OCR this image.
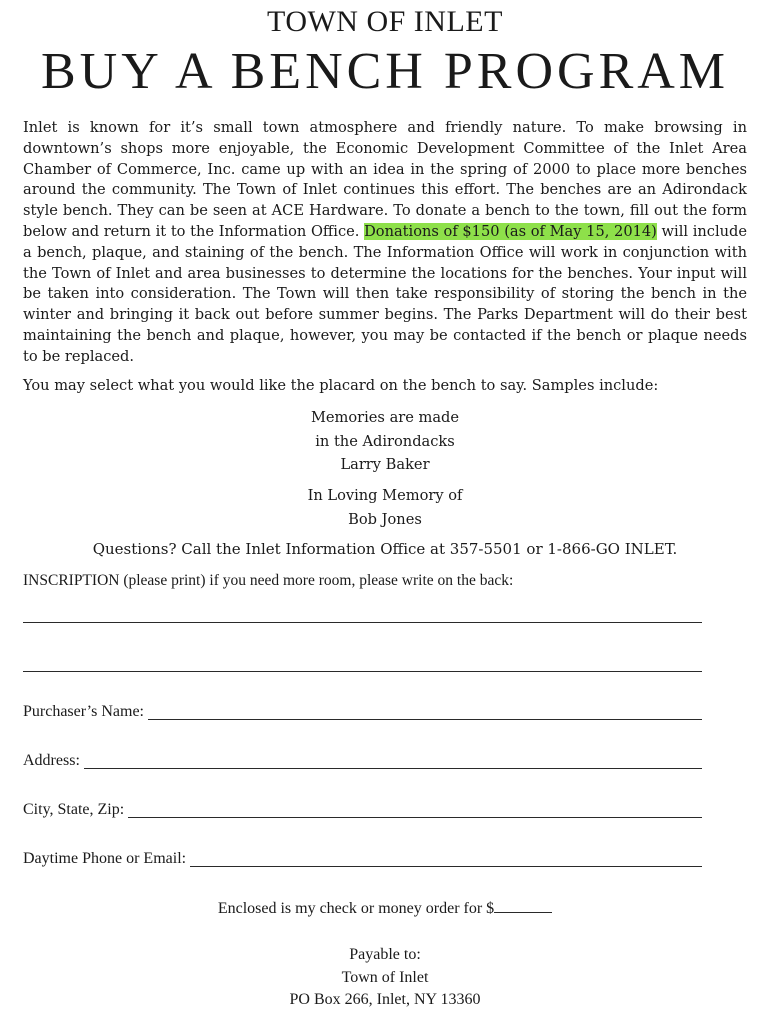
TOWN OF INLET
BUY A BENCH PROGRAM

Inlet is known for it’s small town atmosphere and friendly nature. To make browsing in downtown’s shops more enjoyable, the Economic Development Committee of the Inlet Area Chamber of Commerce, Inc. came up with an idea in the spring of 2000 to place more benches around the community. The Town of Inlet continues this effort. The benches are an Adirondack style bench. They can be seen at ACE Hardware. To donate a bench to the town, fill out the form below and return it to the Information Office. Donations of $150 (as of May 15, 2014) will include a bench, plaque, and staining of the bench. The Information Office will work in conjunction with the Town of Inlet and area businesses to determine the locations for the benches. Your input will be taken into consideration. The Town will then take responsibility of storing the bench in the winter and bringing it back out before summer begins. The Parks Department will do their best maintaining the bench and plaque, however, you may be contacted if the bench or plaque needs to be replaced.

You may select what you would like the placard on the bench to say. Samples include:
Memories are made
in the Adirondacks
Larry Baker
In Loving Memory of
Bob Jones
Questions? Call the Inlet Information Office at 357-5501 or 1-866-GO INLET.
INSCRIPTION (please print) if you need more room, please write on the back:
Purchaser’s Name:
Address:
City, State, Zip:
Daytime Phone or Email:
Enclosed is my check or money order for $
Payable to:
Town of Inlet
PO Box 266, Inlet, NY 13360
